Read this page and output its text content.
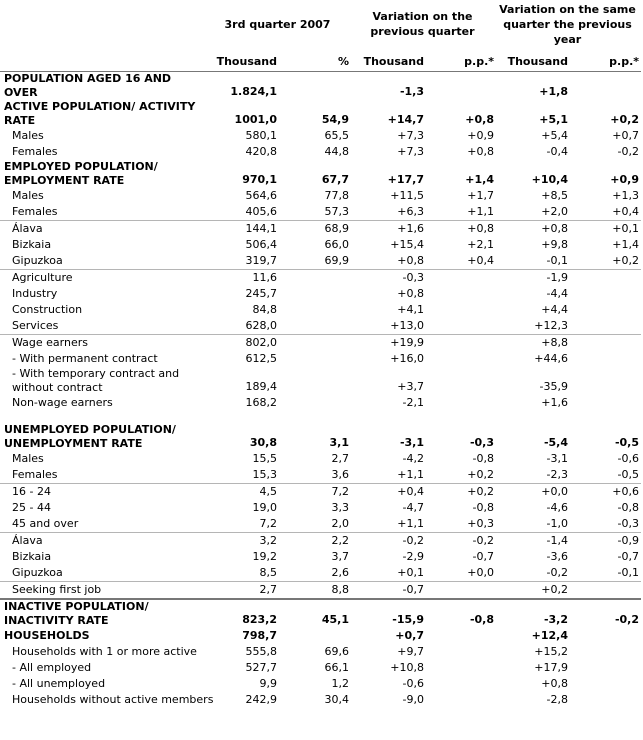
	3rd quarter 2007		Variation on the previous quarter		Variation on the same quarter the previous year	
	Thousand	%	Thousand	p.p.*	Thousand	p.p.*
POPULATION AGED 16 AND OVER	1.824,1		-1,3		+1,8	
ACTIVE POPULATION/ ACTIVITY RATE	1001,0	54,9	+14,7	+0,8	+5,1	+0,2
Males	580,1	65,5	+7,3	+0,9	+5,4	+0,7
Females	420,8	44,8	+7,3	+0,8	-0,4	-0,2
EMPLOYED POPULATION/ EMPLOYMENT RATE	970,1	67,7	+17,7	+1,4	+10,4	+0,9
Males	564,6	77,8	+11,5	+1,7	+8,5	+1,3
Females	405,6	57,3	+6,3	+1,1	+2,0	+0,4
Álava	144,1	68,9	+1,6	+0,8	+0,8	+0,1
Bizkaia	506,4	66,0	+15,4	+2,1	+9,8	+1,4
Gipuzkoa	319,7	69,9	+0,8	+0,4	-0,1	+0,2
Agriculture	11,6		-0,3		-1,9	
Industry	245,7		+0,8		-4,4	
Construction	84,8		+4,1		+4,4	
Services	628,0		+13,0		+12,3	
Wage earners	802,0		+19,9		+8,8	
- With permanent contract	612,5		+16,0		+44,6	
- With temporary contract and without contract	189,4		+3,7		-35,9	
Non-wage earners	168,2		-2,1		+1,6	

UNEMPLOYED POPULATION/ UNEMPLOYMENT RATE	30,8	3,1	-3,1	-0,3	-5,4	-0,5
Males	15,5	2,7	-4,2	-0,8	-3,1	-0,6
Females	15,3	3,6	+1,1	+0,2	-2,3	-0,5
16 - 24	4,5	7,2	+0,4	+0,2	+0,0	+0,6
25 - 44	19,0	3,3	-4,7	-0,8	-4,6	-0,8
45 and over	7,2	2,0	+1,1	+0,3	-1,0	-0,3
Álava	3,2	2,2	-0,2	-0,2	-1,4	-0,9
Bizkaia	19,2	3,7	-2,9	-0,7	-3,6	-0,7
Gipuzkoa	8,5	2,6	+0,1	+0,0	-0,2	-0,1
Seeking first job	2,7	8,8	-0,7		+0,2	
INACTIVE POPULATION/ INACTIVITY RATE	823,2	45,1	-15,9	-0,8	-3,2	-0,2
HOUSEHOLDS	798,7		+0,7		+12,4	
Households with 1 or more active	555,8	69,6	+9,7		+15,2	
- All employed	527,7	66,1	+10,8		+17,9	
- All unemployed	9,9	1,2	-0,6		+0,8	
Households without active members	242,9	30,4	-9,0		-2,8	
